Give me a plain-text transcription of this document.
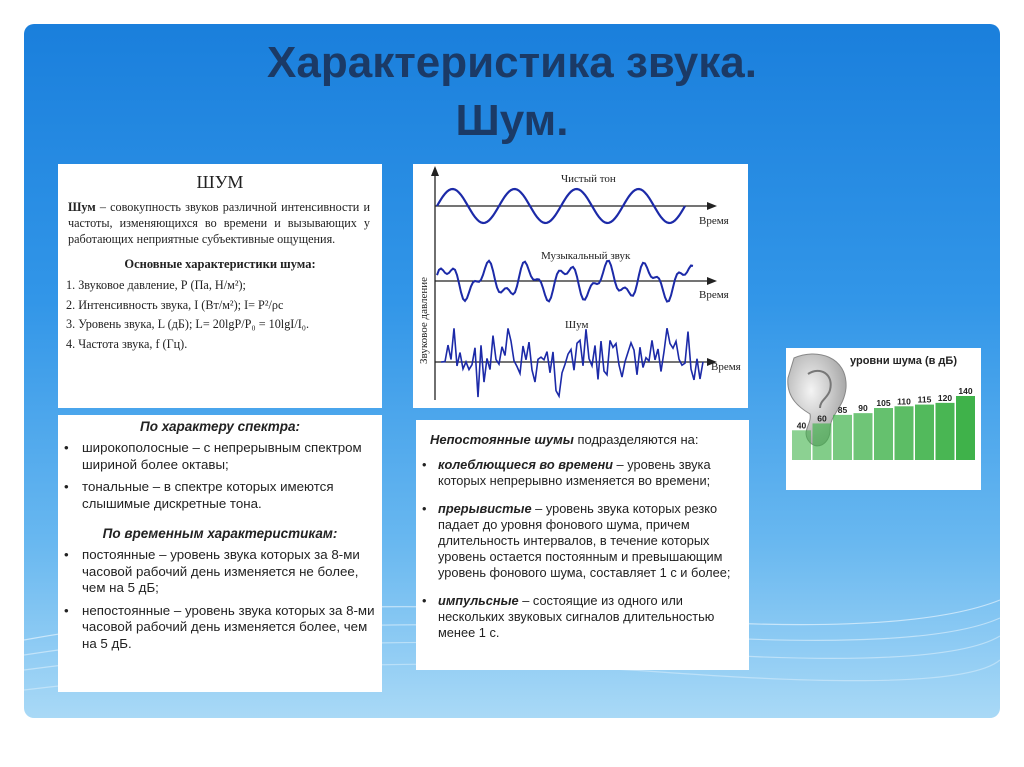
Характеристика звука.
Шум.
ШУМ
Шум – совокупность звуков различной интенсивности и частоты, изменяющихся во времени и вызывающих у работающих неприятные субъективные ощущения.
Основные характеристики шума:
1. Звуковое давление, Р (Па, Н/м²);
2. Интенсивность звука, I (Вт/м²); I= P²/ρс
3. Уровень звука, L (дБ); L= 20lgP/P₀ = 10lgI/I₀.
4. Частота звука, f (Гц).	Звуковое давление
Чистый тон
Время
Музыкальный звук
Время
Шум
Время
По характеру спектра:
• широкополосные – с непрерывным спектром шириной более октавы;
• тональные – в спектре которых имеются слышимые дискретные тона.
По временным характеристикам:
• постоянные – уровень звука которых за 8-ми часовой рабочий день изменяется не более, чем на 5 дБ;
• непостоянные – уровень звука которых за 8-ми часовой рабочий день изменяется более, чем на 5 дБ.
Непостоянные шумы подразделяются на:
• колеблющиеся во времени – уровень звука которых непрерывно изменяется во времени;
• прерывистые – уровень звука которых резко падает до уровня фонового шума, причем длительность интервалов, в течение которых уровень остается постоянным и превышающим уровень фонового шума, составляет 1 с и более;
• импульсные – состоящие из одного или нескольких звуковых сигналов длительностью менее 1 с.
уровни шума (в дБ)
40
60
85 90
105 110 115 120
140
